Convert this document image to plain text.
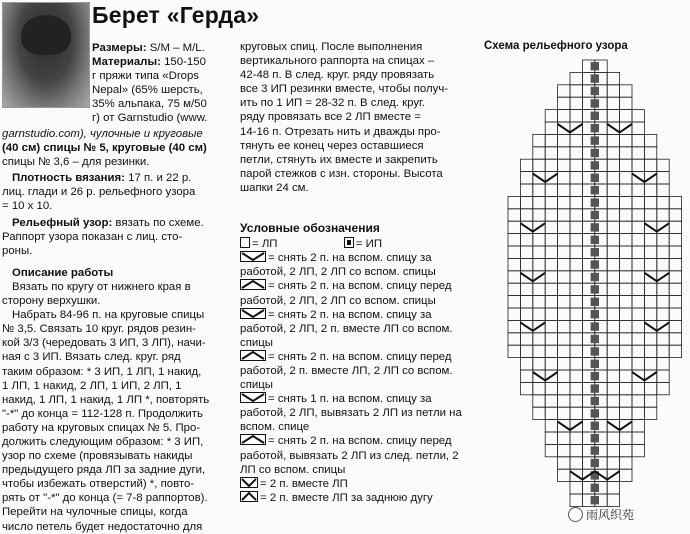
Берет «Герда»

Размеры: S/M – M/L.

Материалы: 150-150

г пряжи типа «Drops

Nepal» (65% шерсть,

35% альпака, 75 м/50

г) от Garnstudio (www.

garnstudio.com), чулочные и круговые

(40 см) спицы № 5, круговые (40 см)

спицы № 3,6 – для резинки.

Плотность вязания: 17 п. и 22 р.

лиц. глади и 26 р. рельефного узора

= 10 х 10.

Рельефный узор: вязать по схеме.

Раппорт узора показан с лиц. сто-

роны.

Описание работы

Вязать по кругу от нижнего края в

сторону верхушки.

Набрать 84-96 п. на круговые спицы

№ 3,5. Связать 10 круг. рядов резин-

кой 3/3 (чередовать 3 ИП, 3 ЛП), начи-

ная с 3 ИП. Вязать след. круг. ряд

таким образом: * 3 ИП, 1 ЛП, 1 накид,

1 ЛП, 1 накид, 2 ЛП, 1 ИП, 2 ЛП, 1

накид, 1 ЛП, 1 накид, 1 ЛП *, повторять

"-*" до конца = 112-128 п. Продолжить

работу на круговых спицах № 5. Про-

должить следующим образом: * 3 ИП,

узор по схеме (провязывать накиды

предыдущего ряда ЛП за задние дуги,

чтобы избежать отверстий) *, повто-

рять от "-*" до конца (= 7-8 раппортов).

Перейти на чулочные спицы, когда

число петель будет недостаточно для

круговых спиц. После выполнения

вертикального раппорта на спицах –

42-48 п. В след. круг. ряду провязать

все 3 ИП резинки вместе, чтобы получ-

ить по 1 ИП = 28-32 п. В след. круг.

ряду провязать все 2 ЛП вместе =

14-16 п. Отрезать нить и дважды про-

тянуть ее конец через оставшиеся

петли, стянуть их вместе и закрепить

парой стежков с изн. стороны. Высота

шапки 24 см.

Условные обозначения

= ЛП	= ИП

= снять 2 п. на вспом. спицу за

работой, 2 ЛП, 2 ЛП со вспом. спицы

= снять 2 п. на вспом. спицу перед

работой, 2 ЛП, 2 ЛП со вспом. спицы

= снять 2 п. на вспом. спицу за

работой, 2 ЛП, 2 п. вместе ЛП со вспом.

спицы

= снять 2 п. на вспом. спицу перед

работой, 2 п. вместе ЛП, 2 ЛП со вспом.

спицы

= снять 1 п. на вспом. спицу за

работой, 2 ЛП, вывязать 2 ЛП из петли на

вспом. спице

= снять 2 п. на вспом. спицу перед

работой, вывязать 2 ЛП из след. петли, 2

ЛП со вспом. спицы

= 2 п. вместе ЛП

= 2 п. вместе ЛП за заднюю дугу

Схема рельефного узора
雨风织苑
